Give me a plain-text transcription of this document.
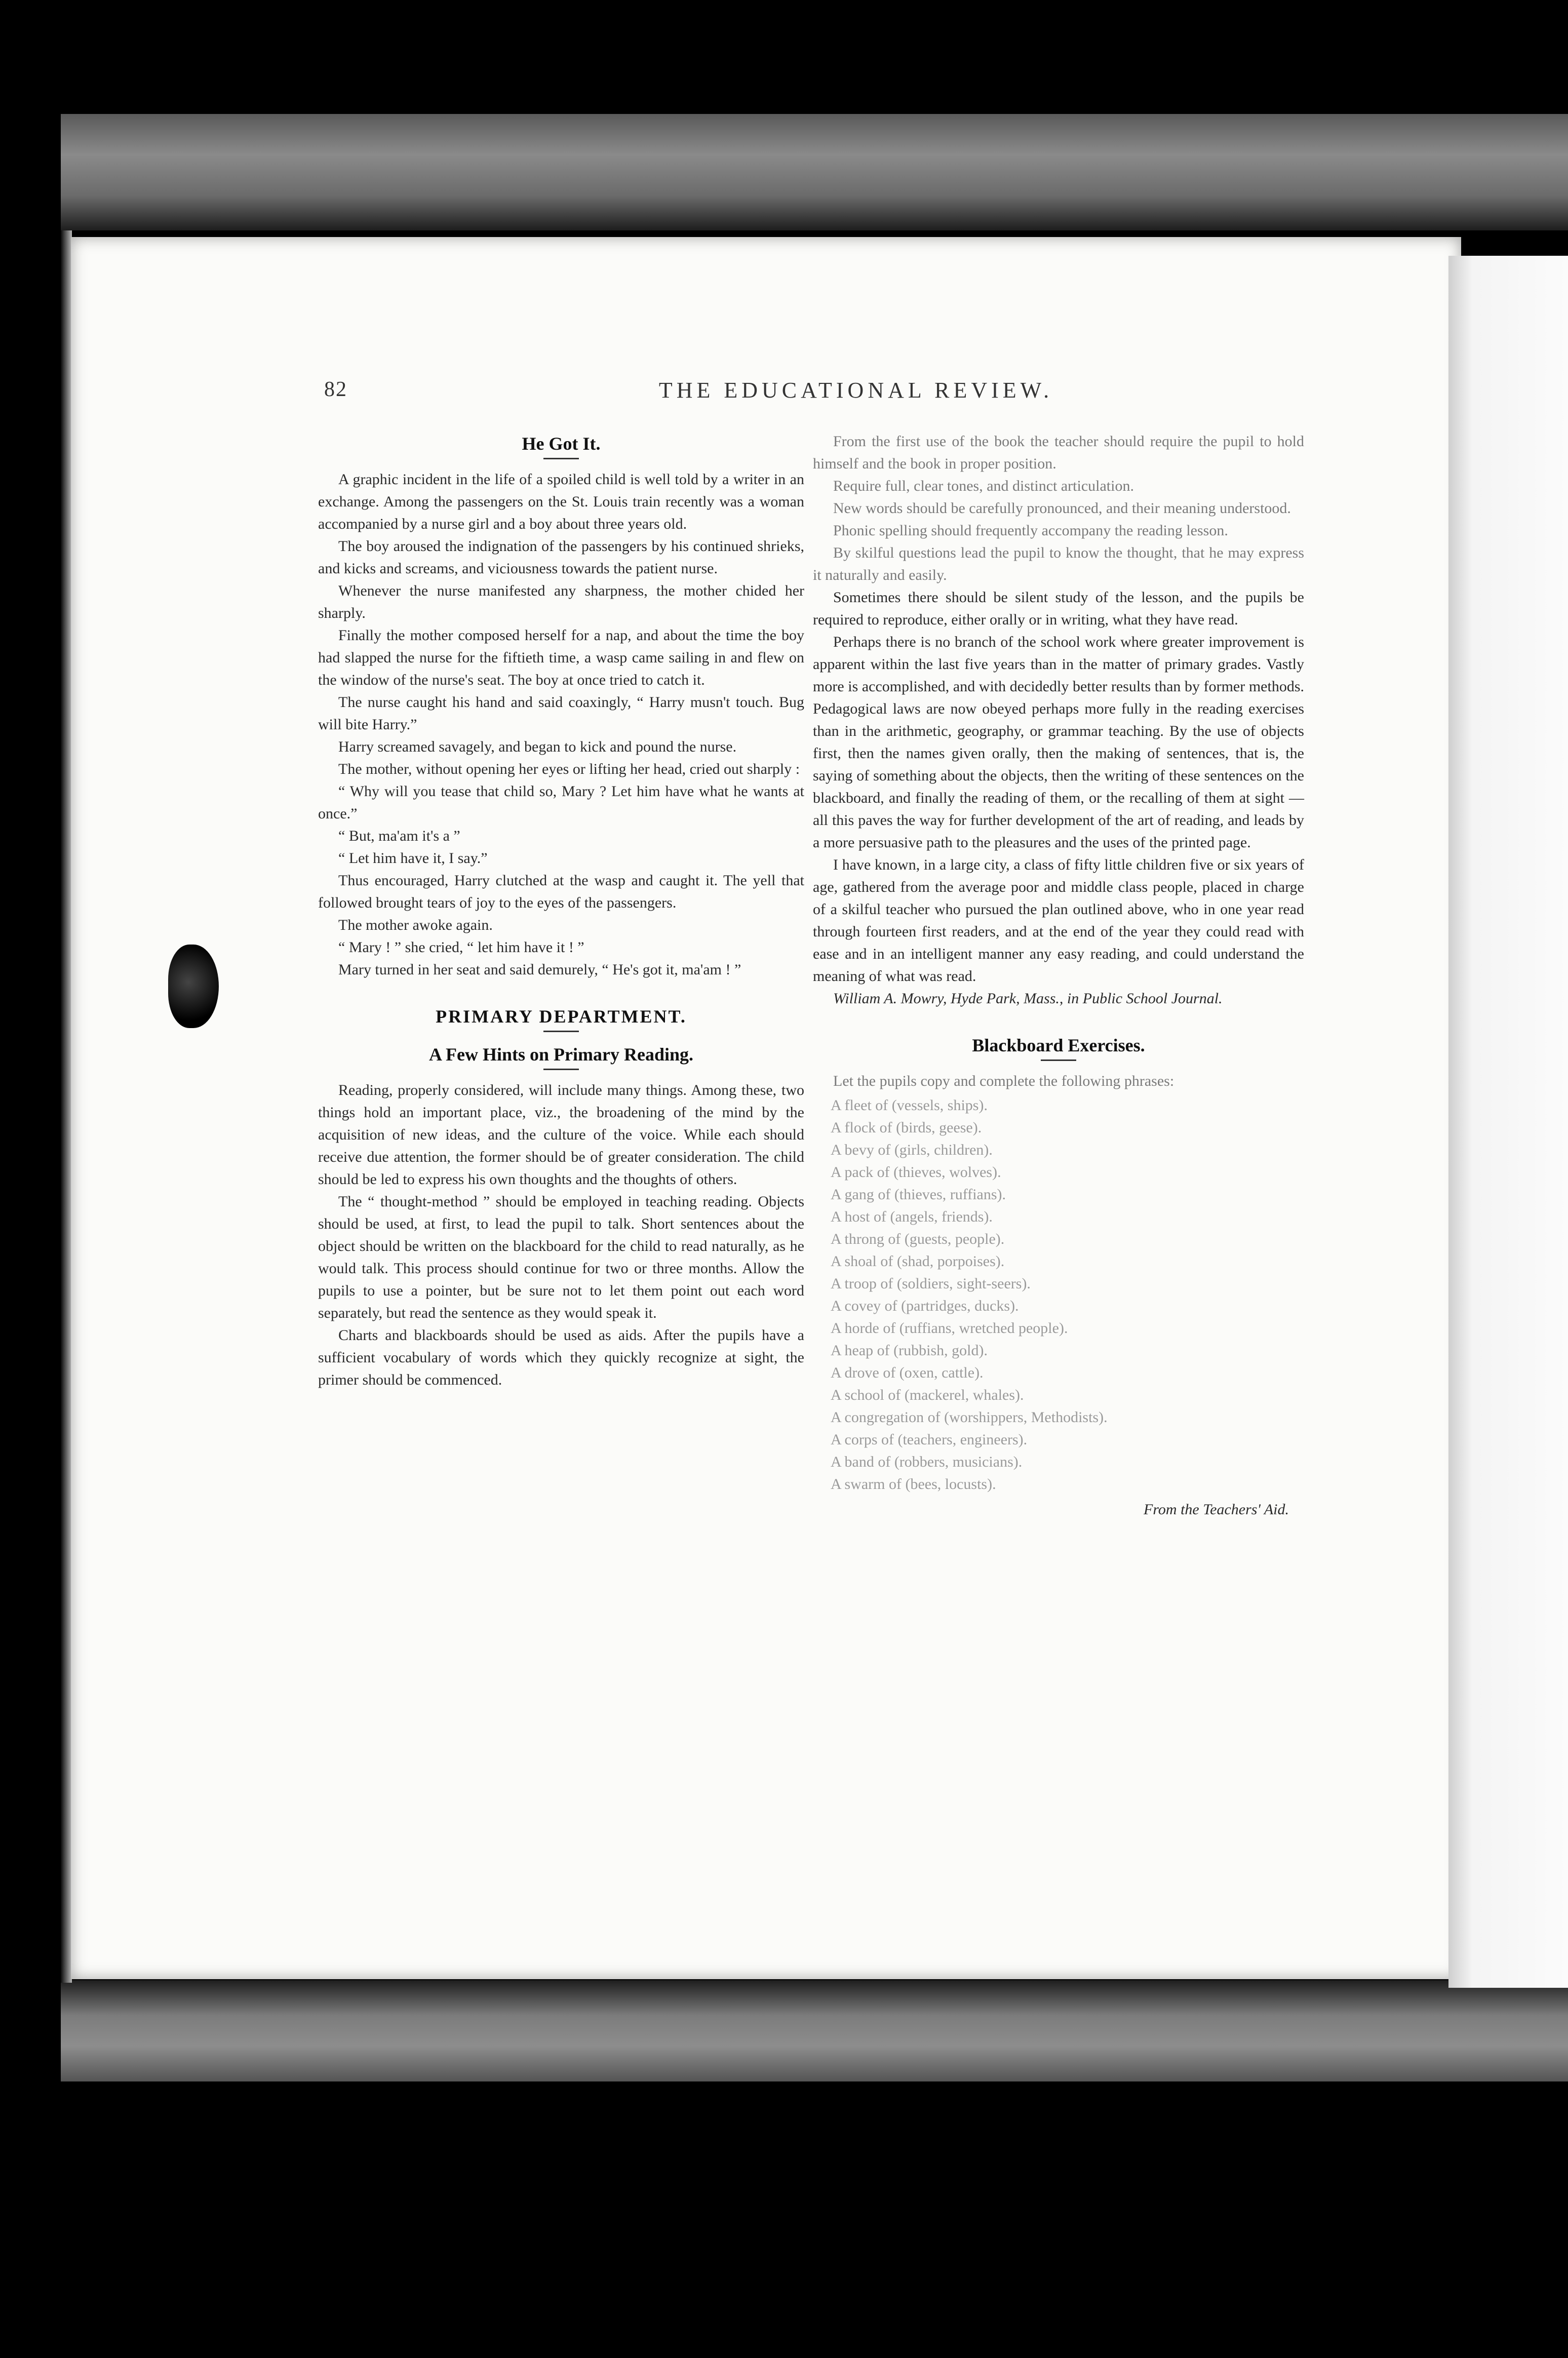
82	THE EDUCATIONAL REVIEW.
He Got It.

A graphic incident in the life of a spoiled child is well told by a writer in an exchange. Among the passengers on the St. Louis train recently was a woman accompanied by a nurse girl and a boy about three years old.

The boy aroused the indignation of the passengers by his continued shrieks, and kicks and screams, and viciousness towards the patient nurse.

Whenever the nurse manifested any sharpness, the mother chided her sharply.

Finally the mother composed herself for a nap, and about the time the boy had slapped the nurse for the fiftieth time, a wasp came sailing in and flew on the window of the nurse's seat. The boy at once tried to catch it.

The nurse caught his hand and said coaxingly, “ Harry musn't touch. Bug will bite Harry.”

Harry screamed savagely, and began to kick and pound the nurse.

The mother, without opening her eyes or lifting her head, cried out sharply :

“ Why will you tease that child so, Mary ? Let him have what he wants at once.”

“ But, ma'am it's a ”

“ Let him have it, I say.”

Thus encouraged, Harry clutched at the wasp and caught it. The yell that followed brought tears of joy to the eyes of the passengers.

The mother awoke again.

“ Mary ! ” she cried, “ let him have it ! ”

Mary turned in her seat and said demurely, “ He's got it, ma'am ! ”

PRIMARY DEPARTMENT.
A Few Hints on Primary Reading.

Reading, properly considered, will include many things. Among these, two things hold an important place, viz., the broadening of the mind by the acquisition of new ideas, and the culture of the voice. While each should receive due attention, the former should be of greater consideration. The child should be led to express his own thoughts and the thoughts of others.

The “ thought-method ” should be employed in teaching reading. Objects should be used, at first, to lead the pupil to talk. Short sentences about the object should be written on the blackboard for the child to read naturally, as he would talk. This process should continue for two or three months. Allow the pupils to use a pointer, but be sure not to let them point out each word separately, but read the sentence as they would speak it.

Charts and blackboards should be used as aids. After the pupils have a sufficient vocabulary of words which they quickly recognize at sight, the primer should be commenced.

From the first use of the book the teacher should require the pupil to hold himself and the book in proper position.

Require full, clear tones, and distinct articulation.

New words should be carefully pronounced, and their meaning understood.

Phonic spelling should frequently accompany the reading lesson.

By skilful questions lead the pupil to know the thought, that he may express it naturally and easily.

Sometimes there should be silent study of the lesson, and the pupils be required to reproduce, either orally or in writing, what they have read.

Perhaps there is no branch of the school work where greater improvement is apparent within the last five years than in the matter of primary grades. Vastly more is accomplished, and with decidedly better results than by former methods. Pedagogical laws are now obeyed perhaps more fully in the reading exercises than in the arithmetic, geography, or grammar teaching. By the use of objects first, then the names given orally, then the making of sentences, that is, the saying of something about the objects, then the writing of these sentences on the blackboard, and finally the reading of them, or the recalling of them at sight — all this paves the way for further development of the art of reading, and leads by a more persuasive path to the pleasures and the uses of the printed page.

I have known, in a large city, a class of fifty little children five or six years of age, gathered from the average poor and middle class people, placed in charge of a skilful teacher who pursued the plan outlined above, who in one year read through fourteen first readers, and at the end of the year they could read with ease and in an intelligent manner any easy reading, and could understand the meaning of what was read.

William A. Mowry, Hyde Park, Mass., in Public School Journal.

Blackboard Exercises.

Let the pupils copy and complete the following phrases:

A fleet of (vessels, ships).
A flock of (birds, geese).
A bevy of (girls, children).
A pack of (thieves, wolves).
A gang of (thieves, ruffians).
A host of (angels, friends).
A throng of (guests, people).
A shoal of (shad, porpoises).
A troop of (soldiers, sight-seers).
A covey of (partridges, ducks).
A horde of (ruffians, wretched people).
A heap of (rubbish, gold).
A drove of (oxen, cattle).
A school of (mackerel, whales).
A congregation of (worshippers, Methodists).
A corps of (teachers, engineers).
A band of (robbers, musicians).
A swarm of (bees, locusts).
From the Teachers' Aid.
